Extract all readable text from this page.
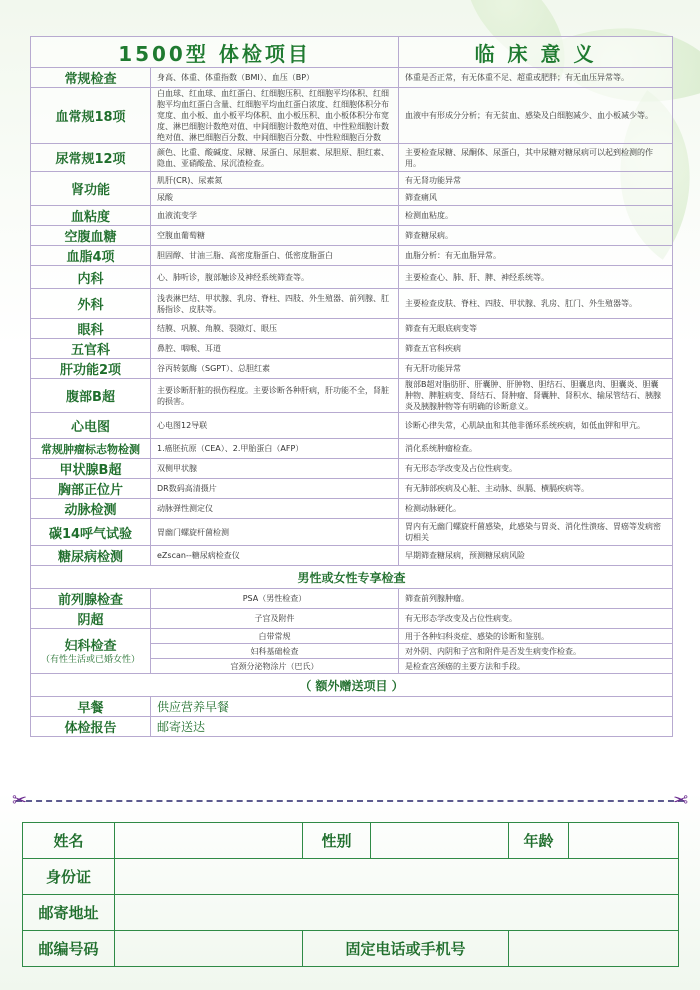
1500型 体检项目		临 床 意 义
常规检查	身高、体重、体重指数（BMI）、血压（BP）	体重是否正常，有无体重不足、超重或肥胖；有无血压异常等。
血常规18项	白血球、红血球、血红蛋白、红细胞压积、红细胞平均体积、红细胞平均血红蛋白含量、红细胞平均血红蛋白浓度、红细胞体积分布宽度、血小板、血小板平均体积、血小板压积、血小板体积分布宽度、淋巴细胞计数绝对值、中间细胞计数绝对值、中性粒细胞计数绝对值、淋巴细胞百分数、中间细胞百分数、中性粒细胞百分数	血液中有形成分分析；有无贫血、感染及白细胞减少、血小板减少等。
尿常规12项	颜色、比重、酸碱度、尿糖、尿蛋白、尿胆素、尿胆原、胆红素、隐血、亚硝酸盐、尿沉渣检查。	主要检查尿糖、尿酮体、尿蛋白，其中尿糖对糖尿病可以起到检测的作用。

肾功能	肌肝(CR)、尿素氮	有无肾功能异常
	尿酸	筛查痛风
血粘度	血液流变学	检测血粘度。
空腹血糖	空腹血葡萄糖	筛查糖尿病。
血脂4项	胆固醇、甘油三脂、高密度脂蛋白、低密度脂蛋白	血脂分析：有无血脂异常。
内科	心、肺听诊，腹部触诊及神经系统筛查等。	主要检查心、肺、肝、脾、神经系统等。
外科	浅表淋巴结、甲状腺、乳房、脊柱、四肢、外生殖器、前列腺、肛肠指诊、皮肤等。	主要检查皮肤、脊柱、四肢、甲状腺、乳房、肛门、外生殖器等。
眼科	结膜、巩膜、角膜、裂隙灯、眼压	筛查有无眼底病变等
五官科	鼻腔、咽喉、耳道	筛查五官科疾病
肝功能2项	谷丙转氨酶（SGPT）、总胆红素	有无肝功能异常
腹部B超	主要诊断肝脏的损伤程度。主要诊断各种肝病，肝功能不全，肾脏的损害。	腹部B超对脂肪肝、肝囊肿、肝肿物、胆结石、胆囊息肉、胆囊炎、胆囊肿物、脾脏病变、肾结石、肾肿瘤、肾囊肿、肾积水、输尿管结石、胰腺炎及胰腺肿物等有明确的诊断意义。
心电图	心电图12导联	诊断心律失常，心肌缺血和其他非循环系统疾病，如低血钾和甲亢。
常规肿瘤标志物检测	1.癌胚抗原（CEA）、2.甲胎蛋白（AFP）	消化系统肿瘤检查。
甲状腺B超	双侧甲状腺	有无形态学改变及占位性病变。
胸部正位片	DR数码高清摄片	有无肺部疾病及心脏、主动脉、纵膈、横膈疾病等。
动脉检测	动脉弹性测定仪	检测动脉硬化。
碳14呼气试验	胃幽门螺旋杆菌检测	胃内有无幽门螺旋杆菌感染，此感染与胃炎、消化性溃疡、胃癌等发病密切相关
糖尿病检测	eZscan--糖尿病检查仪	早期筛查糖尿病，预测糖尿病风险
男性或女性专享检查		
前列腺检查	PSA（男性检查）	筛查前列腺肿瘤。
阴超	子宫及附件	有无形态学改变及占位性病变。

妇科检查
（有性生活或已婚女性）	白带常规	用于各种妇科炎症、感染的诊断和鉴别。
	妇科基础检查	对外阴、内阴和子宫和附件是否发生病变作检查。
	宫颈分泌物涂片（巴氏）	是检查宫颈癌的主要方法和手段。
（ 额外赠送项目 ）		
早餐	供应营养早餐	
体检报告	邮寄送达	
✂	✂
姓名		性别		年龄	
身份证					
邮寄地址					
邮编号码		固定电话或手机号			
